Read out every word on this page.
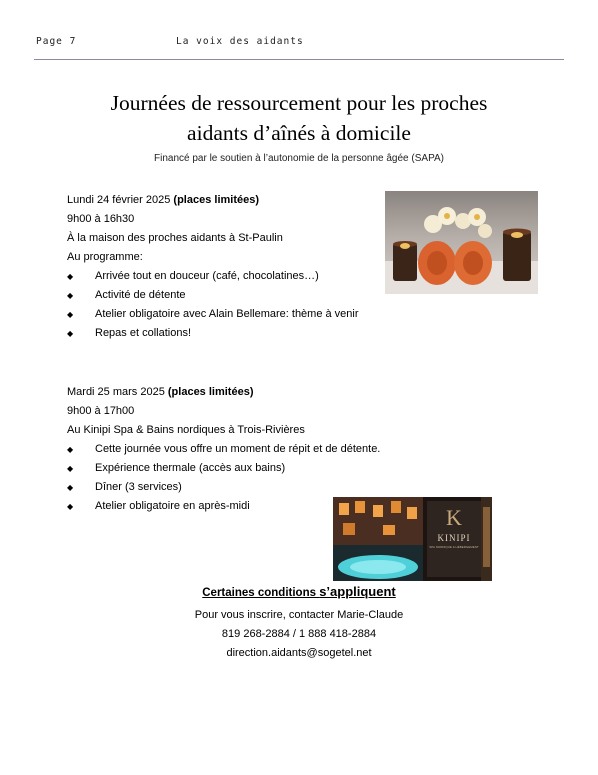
Page 7	La voix des aidants
Journées de ressourcement pour les proches
aidants d’aînés à domicile
Financé par le soutien à l’autonomie de la personne âgée (SAPA)
Lundi 24 février 2025 (places limitées)
9h00 à 16h30
À la maison des proches aidants à St-Paulin
Au programme:
◆ Arrivée tout en douceur (café, chocolatines…)
◆ Activité de détente
◆ Atelier obligatoire avec Alain Bellemare: thème à venir
◆ Repas et collations!
Mardi 25 mars 2025 (places limitées)
9h00 à 17h00
Au Kinipi Spa & Bains nordiques à Trois-Rivières
◆ Cette journée vous offre un moment de répit et de détente.
◆ Expérience thermale (accès aux bains)
◆ Dîner (3 services)
◆ Atelier obligatoire en après-midi	K
KINIPI
SPA NORDIQUE & HÉBERGEMENT
Certaines conditions s’appliquent
Pour vous inscrire, contacter Marie-Claude
819 268-2884 / 1 888 418-2884
direction.aidants@sogetel.net
